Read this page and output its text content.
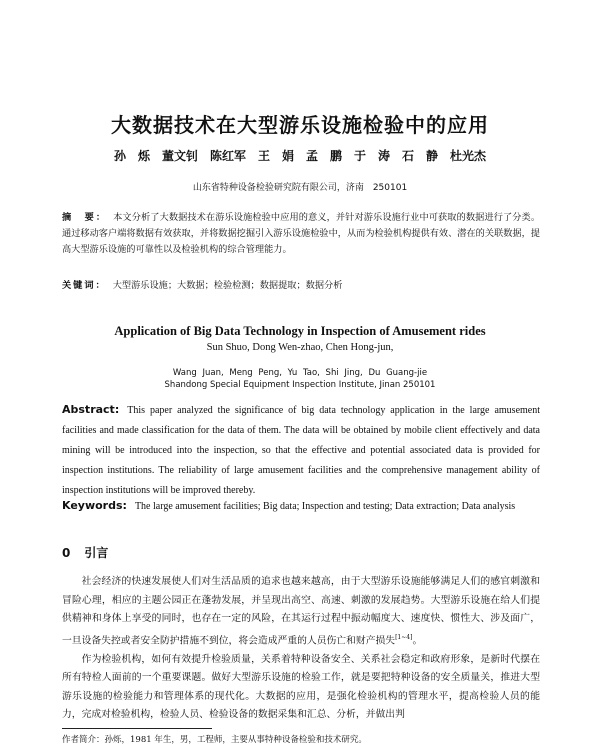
大数据技术在大型游乐设施检验中的应用
孙　烁　董文钊　陈红军　王　娟　孟　鹏　于　涛　石　静　杜光杰
山东省特种设备检验研究院有限公司，济南　250101
摘　要： 本文分析了大数据技术在游乐设施检验中应用的意义，并针对游乐设施行业中可获取的数据进行了分类。通过移动客户端将数据有效获取，并将数据挖掘引入游乐设施检验中，从而为检验机构提供有效、潜在的关联数据，提高大型游乐设施的可靠性以及检验机构的综合管理能力。
关键词： 大型游乐设施；大数据；检验检测；数据提取；数据分析
Application of Big Data Technology in Inspection of Amusement rides
Sun Shuo, Dong Wen-zhao, Chen Hong-jun,
Wang Juan, Meng Peng, Yu Tao, Shi Jing, Du Guang-jie
Shandong Special Equipment Inspection Institute, Jinan 250101
Abstract: This paper analyzed the significance of big data technology application in the large amusement facilities and made classification for the data of them. The data will be obtained by mobile client effectively and data mining will be introduced into the inspection, so that the effective and potential associated data is provided for inspection institutions. The reliability of large amusement facilities and the comprehensive management ability of inspection institutions will be improved thereby.
Keywords: The large amusement facilities; Big data; Inspection and testing; Data extraction; Data analysis
0 引言

社会经济的快速发展使人们对生活品质的追求也越来越高，由于大型游乐设施能够满足人们的感官刺激和冒险心理，相应的主题公园正在蓬勃发展，并呈现出高空、高速、刺激的发展趋势。大型游乐设施在给人们提供精神和身体上享受的同时，也存在一定的风险，在其运行过程中振动幅度大、速度快、惯性大、涉及面广，一旦设备失控或者安全防护措施不到位，将会造成严重的人员伤亡和财产损失[1~4]。

作为检验机构，如何有效提升检验质量，关系着特种设备安全、关系社会稳定和政府形象，是新时代摆在所有特检人面前的一个重要课题。做好大型游乐设施的检验工作，就是要把特种设备的安全质量关，推进大型游乐设施的检验能力和管理体系的现代化。大数据的应用，是强化检验机构的管理水平，提高检验人员的能力，完成对检验机构，检验人员、检验设备的数据采集和汇总、分析，并做出判

作者简介：孙烁，1981 年生，男，工程师，主要从事特种设备检验和技术研究。
